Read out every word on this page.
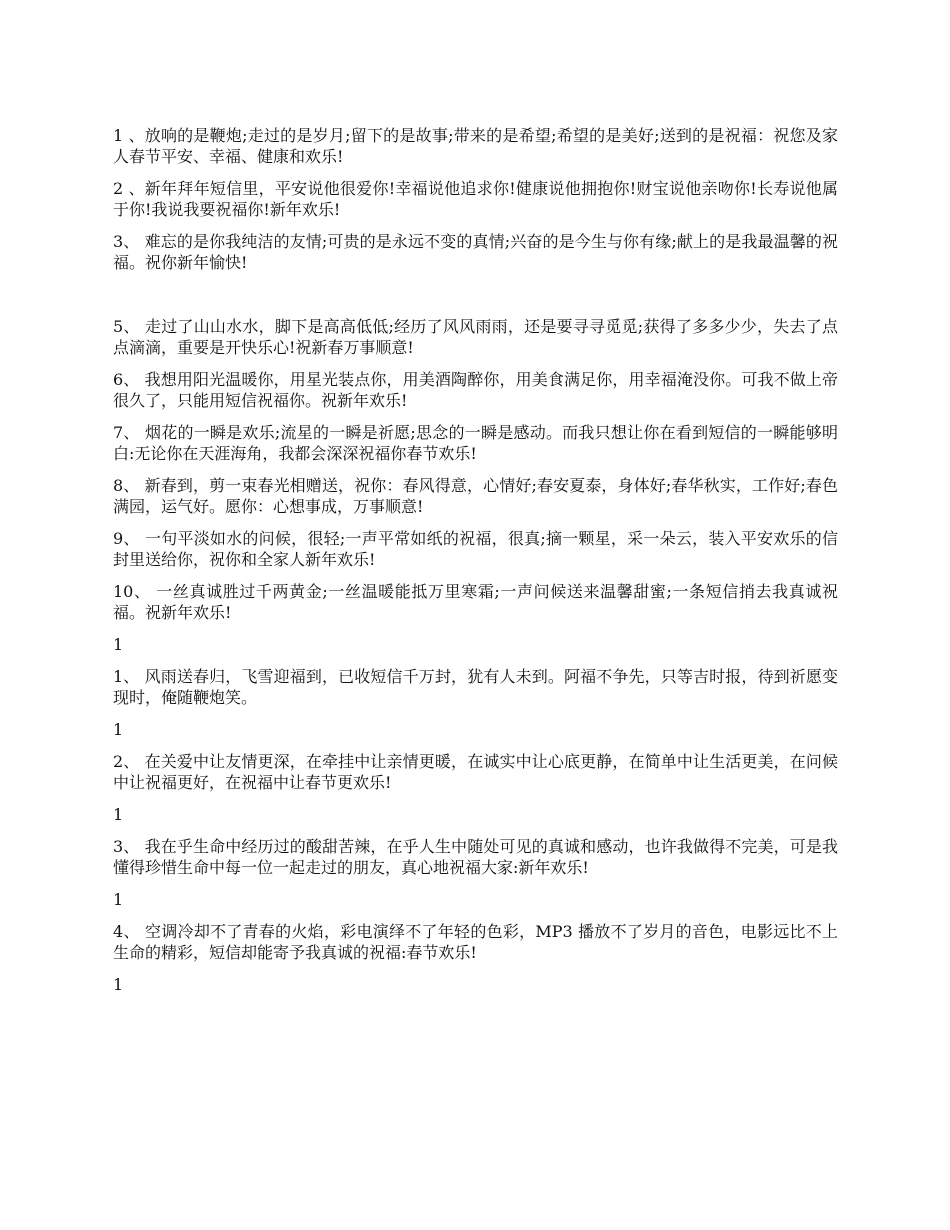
1 、放响的是鞭炮;走过的是岁月;留下的是故事;带来的是希望;希望的是美好;送到的是祝福：祝您及家人春节平安、幸福、健康和欢乐!

2 、新年拜年短信里，平安说他很爱你!幸福说他追求你!健康说他拥抱你!财宝说他亲吻你!长寿说他属于你!我说我要祝福你!新年欢乐!

3、 难忘的是你我纯洁的友情;可贵的是永远不变的真情;兴奋的是今生与你有缘;献上的是我最温馨的祝福。祝你新年愉快!

5、 走过了山山水水，脚下是高高低低;经历了风风雨雨，还是要寻寻觅觅;获得了多多少少，失去了点点滴滴，重要是开快乐心!祝新春万事顺意!

6、 我想用阳光温暖你，用星光装点你，用美酒陶醉你，用美食满足你，用幸福淹没你。可我不做上帝很久了，只能用短信祝福你。祝新年欢乐!

7、 烟花的一瞬是欢乐;流星的一瞬是祈愿;思念的一瞬是感动。而我只想让你在看到短信的一瞬能够明白:无论你在天涯海角，我都会深深祝福你春节欢乐!

8、 新春到，剪一束春光相赠送，祝你：春风得意，心情好;春安夏泰，身体好;春华秋实，工作好;春色满园，运气好。愿你：心想事成，万事顺意!

9、 一句平淡如水的问候，很轻;一声平常如纸的祝福，很真;摘一颗星，采一朵云，装入平安欢乐的信封里送给你，祝你和全家人新年欢乐!

10、 一丝真诚胜过千两黄金;一丝温暖能抵万里寒霜;一声问候送来温馨甜蜜;一条短信捎去我真诚祝福。祝新年欢乐!

1

1、 风雨送春归，飞雪迎福到，已收短信千万封，犹有人未到。阿福不争先，只等吉时报，待到祈愿变现时，俺随鞭炮笑。

1

2、 在关爱中让友情更深，在牵挂中让亲情更暖，在诚实中让心底更静，在简单中让生活更美，在问候中让祝福更好，在祝福中让春节更欢乐!

1

3、 我在乎生命中经历过的酸甜苦辣，在乎人生中随处可见的真诚和感动，也许我做得不完美，可是我懂得珍惜生命中每一位一起走过的朋友，真心地祝福大家:新年欢乐!

1

4、 空调冷却不了青春的火焰，彩电演绎不了年轻的色彩，MP3 播放不了岁月的音色，电影远比不上生命的精彩，短信却能寄予我真诚的祝福:春节欢乐!

1
